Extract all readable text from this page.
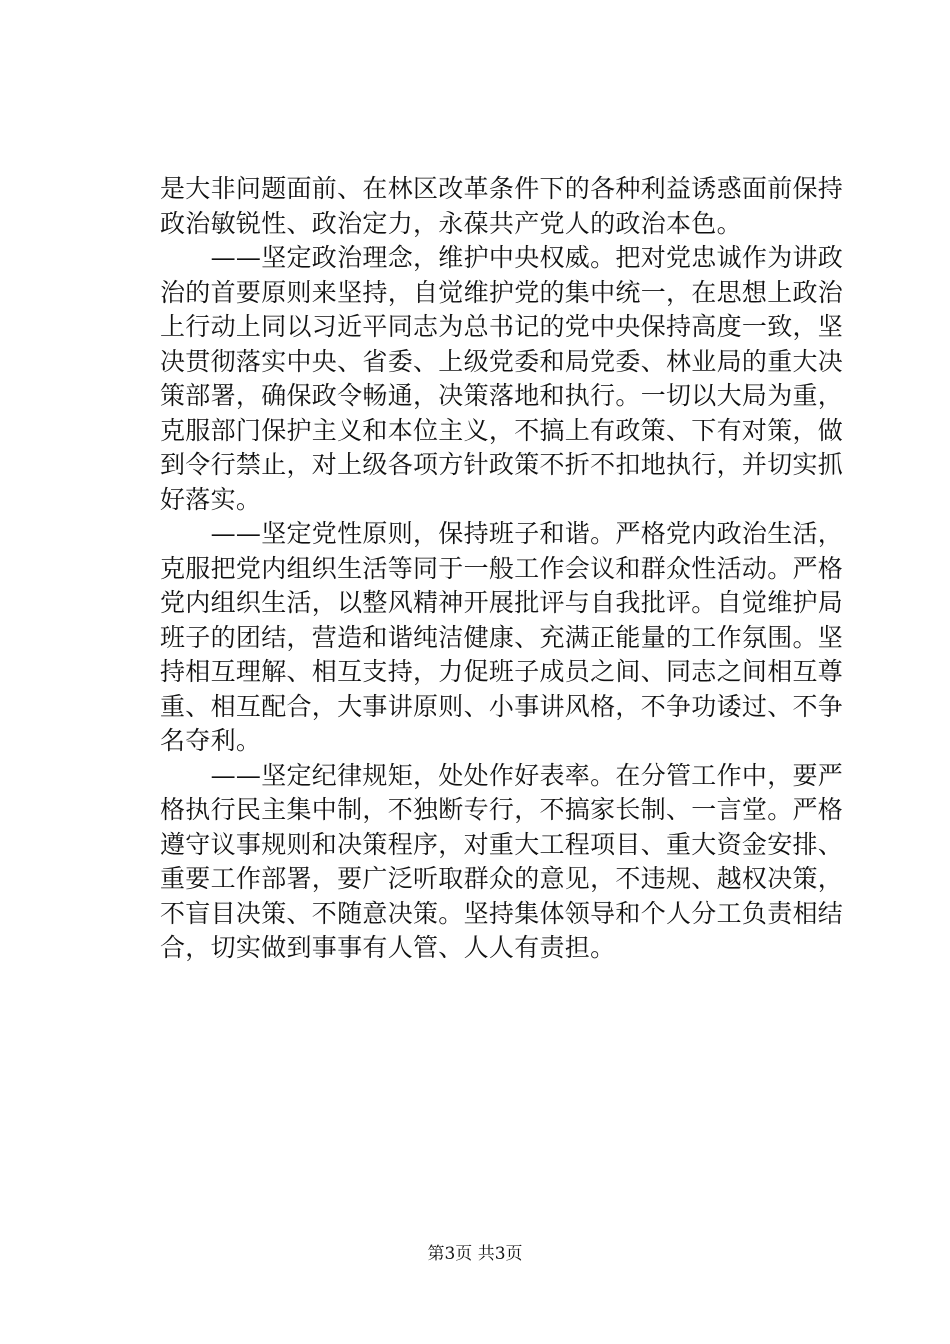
是大非问题面前、在林区改革条件下的各种利益诱惑面前保持
政治敏锐性、政治定力，永葆共产党人的政治本色。
　　——坚定政治理念，维护中央权威。把对党忠诚作为讲政
治的首要原则来坚持，自觉维护党的集中统一，在思想上政治
上行动上同以习近平同志为总书记的党中央保持高度一致，坚
决贯彻落实中央、省委、上级党委和局党委、林业局的重大决
策部署，确保政令畅通，决策落地和执行。一切以大局为重，
克服部门保护主义和本位主义，不搞上有政策、下有对策，做
到令行禁止，对上级各项方针政策不折不扣地执行，并切实抓
好落实。
　　——坚定党性原则，保持班子和谐。严格党内政治生活，
克服把党内组织生活等同于一般工作会议和群众性活动。严格
党内组织生活，以整风精神开展批评与自我批评。自觉维护局
班子的团结，营造和谐纯洁健康、充满正能量的工作氛围。坚
持相互理解、相互支持，力促班子成员之间、同志之间相互尊
重、相互配合，大事讲原则、小事讲风格，不争功诿过、不争
名夺利。
　　——坚定纪律规矩，处处作好表率。在分管工作中，要严
格执行民主集中制，不独断专行，不搞家长制、一言堂。严格
遵守议事规则和决策程序，对重大工程项目、重大资金安排、
重要工作部署，要广泛听取群众的意见，不违规、越权决策，
不盲目决策、不随意决策。坚持集体领导和个人分工负责相结
合，切实做到事事有人管、人人有责担。
第3页 共3页
